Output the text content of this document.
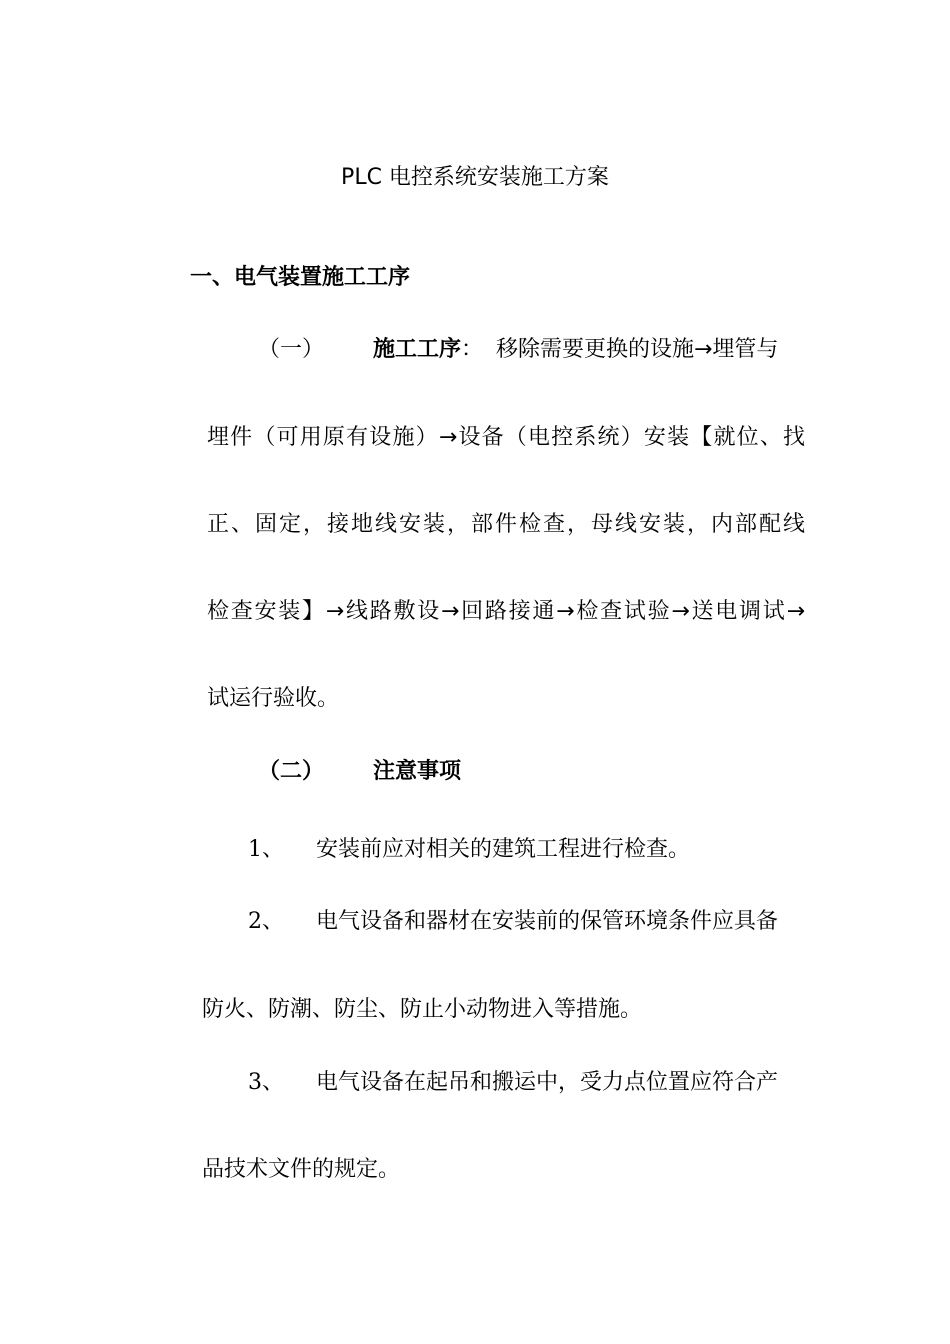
PLC 电控系统安装施工方案
一、电气装置施工工序
（一） 施工工序： 移除需要更换的设施→埋管与
埋件（可用原有设施）→设备（电控系统）安装【就位、找
正、固定，接地线安装，部件检查，母线安装，内部配线
检查安装】→线路敷设→回路接通→检查试验→送电调试→
试运行验收。
（二） 注意事项
1、 安装前应对相关的建筑工程进行检查。
2、 电气设备和器材在安装前的保管环境条件应具备
防火、防潮、防尘、防止小动物进入等措施。
3、 电气设备在起吊和搬运中，受力点位置应符合产
品技术文件的规定。
